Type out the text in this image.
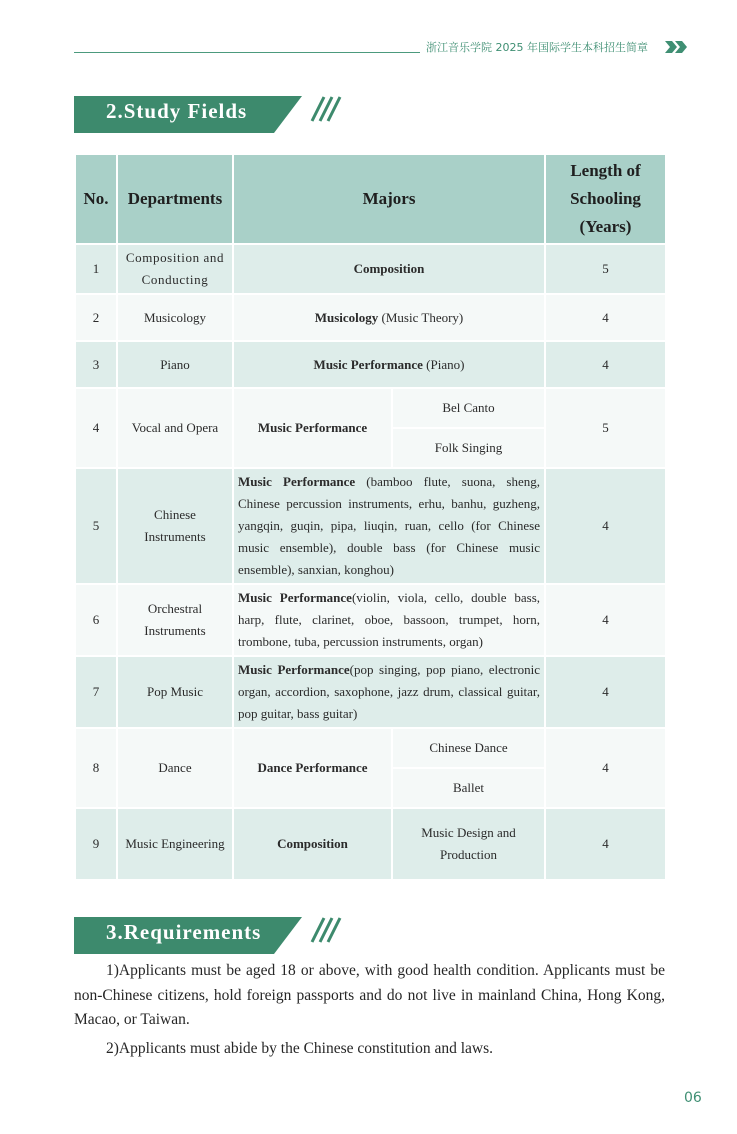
浙江音乐学院 2025 年国际学生本科招生简章
2.Study Fields
No.	Departments	Majors		Length of Schooling (Years)
1	Composition and Conducting	Composition		5
2	Musicology	Musicology (Music Theory)		4
3	Piano	Music Performance (Piano)		4
4	Vocal and Opera	Music Performance	Bel Canto	5
			Folk Singing	
5	Chinese Instruments	Music Performance (bamboo flute, suona, sheng, Chinese percussion instruments, erhu, banhu, guzheng, yangqin, guqin, pipa, liuqin, ruan, cello (for Chinese music ensemble), double bass (for Chinese music ensemble), sanxian, konghou)		4
6	Orchestral Instruments	Music Performance(violin, viola, cello, double bass, harp, flute, clarinet, oboe, bassoon, trumpet, horn, trombone, tuba, percussion instruments, organ)		4
7	Pop Music	Music Performance(pop singing, pop piano, electronic organ, accordion, saxophone, jazz drum, classical guitar, pop guitar, bass guitar)		4
8	Dance	Dance Performance	Chinese Dance	4
			Ballet	
9	Music Engineering	Composition	Music Design and Production	4
3.Requirements
1)Applicants must be aged 18 or above, with good health condition. Applicants must be non-Chinese citizens, hold foreign passports and do not live in mainland China, Hong Kong, Macao, or Taiwan.
2)Applicants must abide by the Chinese constitution and laws.
06
